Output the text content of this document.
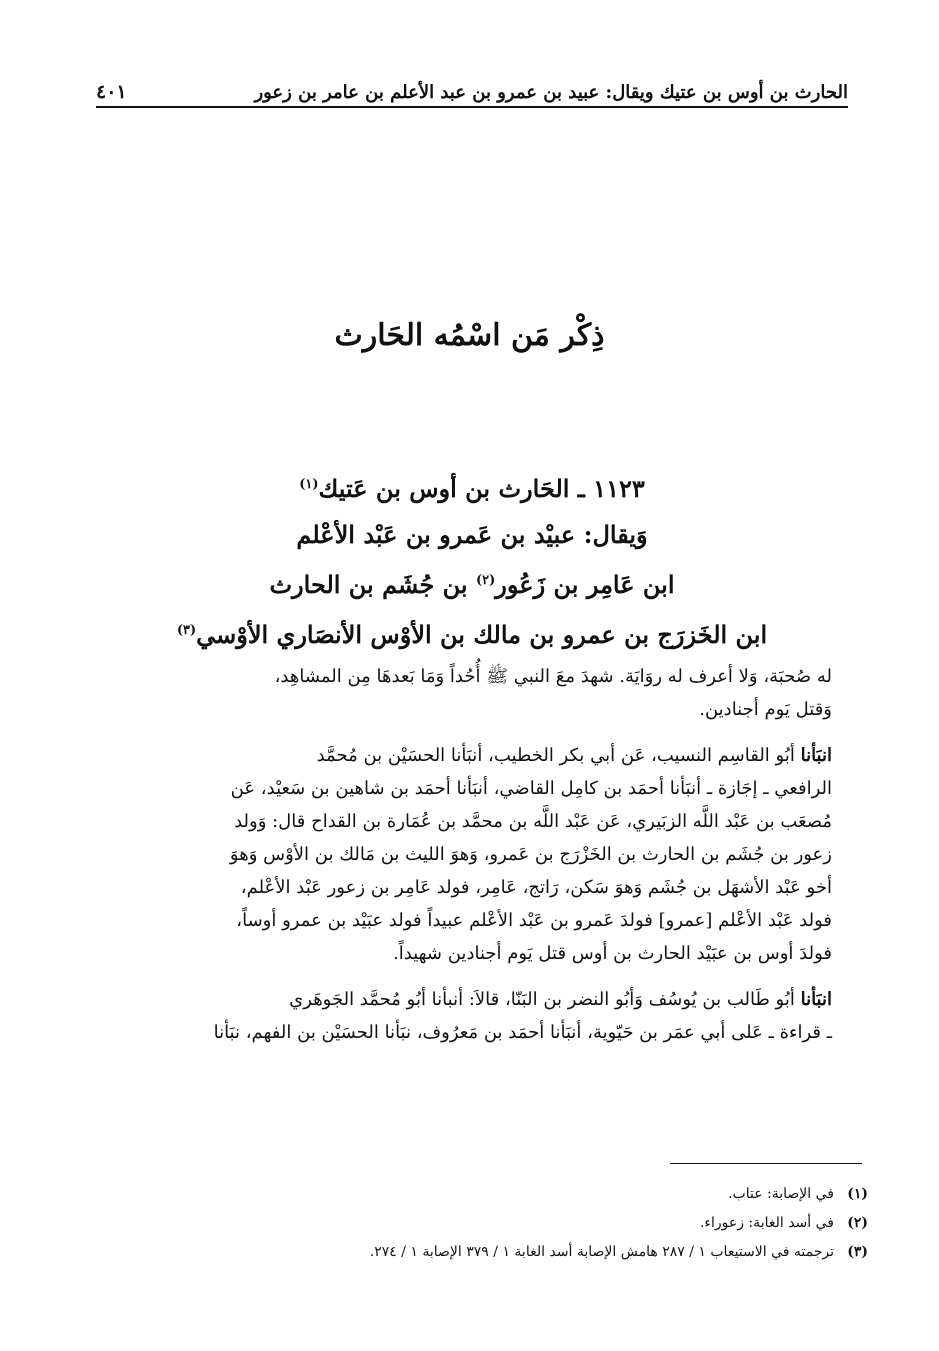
الحارث بن أوس بن عتيك ويقال: عبيد بن عمرو بن عبد الأعلم بن عامر بن زعور
٤٠١
ذِكْر مَن اسْمُه الحَارث
١١٢٣ ـ الحَارث بن أوس بن عَتيك$^{(١)}$
وَيقال: عبيْد بن عَمرو بن عَبْد الأعْلم
ابن عَامِر بن زَعُور$^{(٢)}$ بن جُشَم بن الحارث
ابن الخَزرَج بن عمرو بن مالك بن الأوْس الأنصَاري الأوْسي$^{(٣)}$

له صُحبَة، وَلا أعرف له روَايَة. شهدَ معَ النبي ﷺ أُحُداً وَمَا بَعدهَا مِن المشاهِد،
وَقتل يَوم أجنادين.

انبَأنا أبُو القاسِم النسيب، عَن أبي بكر الخطيب، أنبَأنا الحسَيْن بن مُحمَّد
الرافعي ـ إجَازة ـ أنبَأنا أحمَد بن كامِل القاضي، أنبَأنا أحمَد بن شاهين بن سَعيْد، عَن
مُصعَب بن عَبْد اللَّه الزبَيري، عَن عَبْد اللَّه بن محمَّد بن عُمَارة بن القداح قال: وَولد
زعور بن جُشَم بن الحارث بن الخَزْرَج بن عَمرو، وَهوَ الليث بن مَالك بن الأوْس وَهوَ
أخو عَبْد الأشهَل بن جُشَم وَهوَ سَكن، رَاتج، عَامِر، فولد عَامِر بن زعور عَبْد الأعْلم،
فولد عَبْد الأعْلم [عمرو] فولدَ عَمرو بن عَبْد الأعْلم عبيداً فولد عبَيْد بن عمرو أوساً،
فولدَ أوس بن عبَيْد الحارث بن أوس قتل يَوم أجنادين شهيداً.

انبَأنا أبُو طَالب بن يُوسُف وَأبُو النضر بن البَنّا، قالاَ: أنبأنا أبُو مُحمَّد الجَوهَري
ـ قراءة ـ عَلى أبي عمَر بن حَيّوية، أنبَأنا أحمَد بن مَعرُوف، نبَأنا الحسَيْن بن الفهم، نبَأنا

(١)في الإصابة: عتاب.
(٢)في أسد الغابة: زعوراء.
(٣)ترجمته في الاستيعاب ١ / ٢٨٧ هامش الإصابة أسد الغابة ١ / ٣٧٩ الإصابة ١ / ٢٧٤.
